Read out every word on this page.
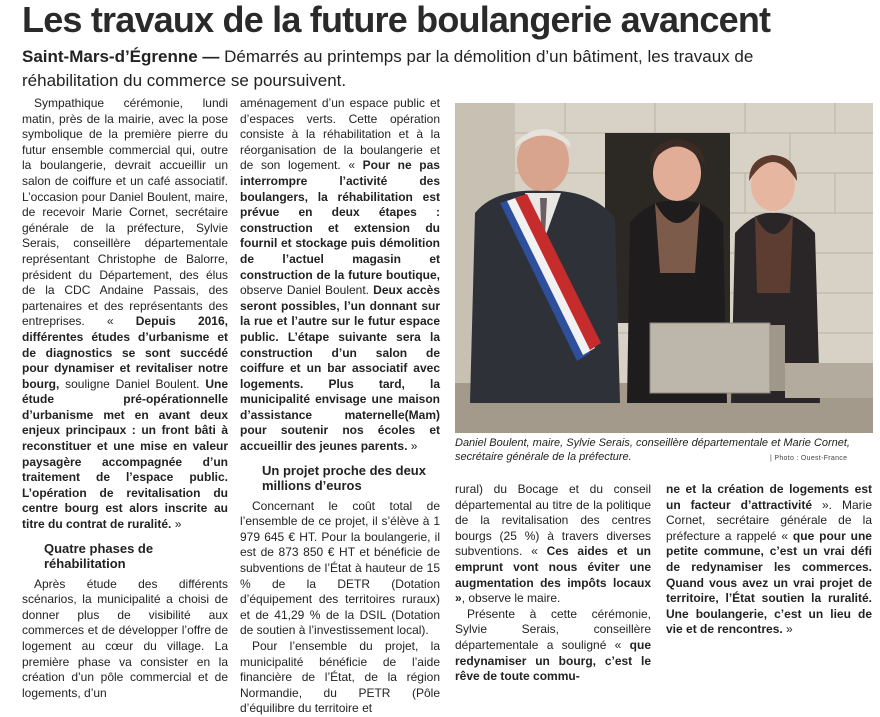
Les travaux de la future boulangerie avancent
Saint-Mars-d’Égrenne — Démarrés au printemps par la démolition d’un bâtiment, les travaux de réhabilitation du commerce se poursuivent.

Sympathique cérémonie, lundi matin, près de la mairie, avec la pose symbolique de la première pierre du futur ensemble commercial qui, outre la boulangerie, devrait accueillir un salon de coiffure et un café associatif. L’occasion pour Daniel Boulent, maire, de recevoir Marie Cornet, secrétaire générale de la préfecture, Sylvie Serais, conseillère départementale représentant Christophe de Balorre, président du Département, des élus de la CDC Andaine Passais, des partenaires et des représentants des entreprises. « Depuis 2016, différentes études d’urbanisme et de diagnostics se sont succédé pour dynamiser et revitaliser notre bourg, souligne Daniel Boulent. Une étude pré-opérationnelle d’urbanisme met en avant deux enjeux principaux : un front bâti à reconstituer et une mise en valeur paysagère accompagnée d’un traitement de l’espace public. L’opération de revitalisation du centre bourg est alors inscrite au titre du contrat de ruralité. »

Quatre phases de réhabilitation

Après étude des différents scénarios, la municipalité a choisi de donner plus de visibilité aux commerces et de développer l’offre de logement au cœur du village. La première phase va consister en la création d’un pôle commercial et de logements, d’un

aménagement d’un espace public et d’espaces verts. Cette opération consiste à la réhabilitation et à la réorganisation de la boulangerie et de son logement. « Pour ne pas interrompre l’activité des boulangers, la réhabilitation est prévue en deux étapes : construction et extension du fournil et stockage puis démolition de l’actuel magasin et construction de la future boutique, observe Daniel Boulent. Deux accès seront possibles, l’un donnant sur la rue et l’autre sur le futur espace public. L’étape suivante sera la construction d’un salon de coiffure et un bar associatif avec logements. Plus tard, la municipalité envisage une maison d’assistance maternelle(Mam) pour soutenir nos écoles et accueillir des jeunes parents. »

Un projet proche des deux millions d’euros

Concernant le coût total de l’ensemble de ce projet, il s’élève à 1 979 645 € HT. Pour la boulangerie, il est de 873 850 € HT et bénéficie de subventions de l’État à hauteur de 15 % de la DETR (Dotation d’équipement des territoires ruraux) et de 41,29 % de la DSIL (Dotation de soutien à l’investissement local).

Pour l’ensemble du projet, la municipalité bénéficie de l’aide financière de l’État, de la région Normandie, du PETR (Pôle d’équilibre du territoire et

Daniel Boulent, maire, Sylvie Serais, conseillère départementale et Marie Cornet, secrétaire générale de la préfecture.	| Photo : Ouest-France

rural) du Bocage et du conseil départemental au titre de la politique de la revitalisation des centres bourgs (25 %) à travers diverses subventions. « Ces aides et un emprunt vont nous éviter une augmentation des impôts locaux », observe le maire.

Présente à cette cérémonie, Sylvie Serais, conseillère départementale a souligné « que redynamiser un bourg, c’est le rêve de toute commu-

ne et la création de logements est un facteur d’attractivité ». Marie Cornet, secrétaire générale de la préfecture a rappelé « que pour une petite commune, c’est un vrai défi de redynamiser les commerces. Quand vous avez un vrai projet de territoire, l’État soutien la ruralité. Une boulangerie, c’est un lieu de vie et de rencontres. »
